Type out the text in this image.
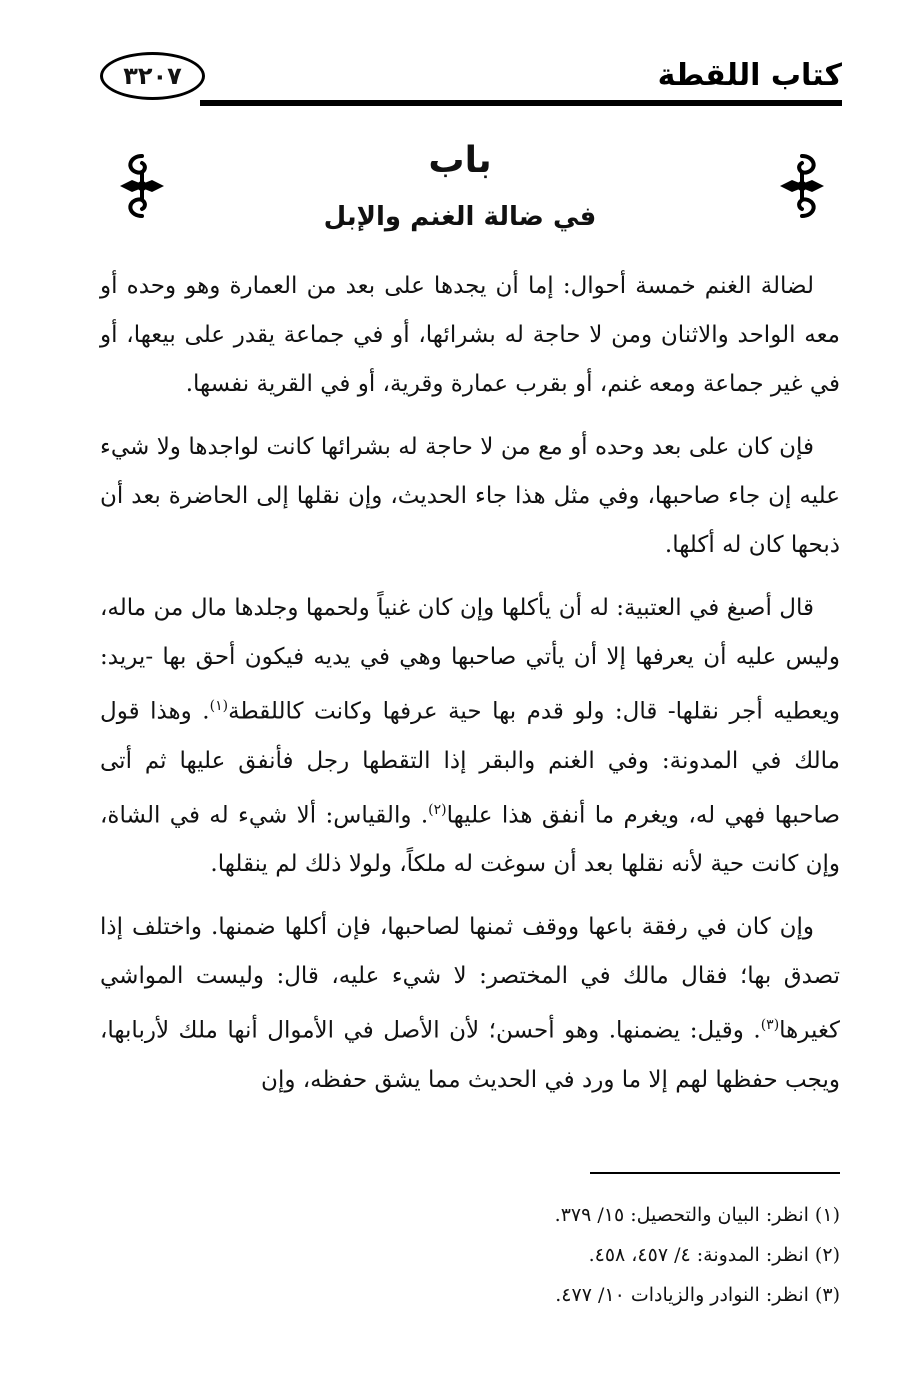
كتاب اللقطة
٣٢٠٧
باب
في ضالة الغنم والإبل

لضالة الغنم خمسة أحوال: إما أن يجدها على بعد من العمارة وهو وحده أو معه الواحد والاثنان ومن لا حاجة له بشرائها، أو في جماعة يقدر على بيعها، أو في غير جماعة ومعه غنم، أو بقرب عمارة وقرية، أو في القرية نفسها.

فإن كان على بعد وحده أو مع من لا حاجة له بشرائها كانت لواجدها ولا شيء عليه إن جاء صاحبها، وفي مثل هذا جاء الحديث، وإن نقلها إلى الحاضرة بعد أن ذبحها كان له أكلها.

قال أصبغ في العتبية: له أن يأكلها وإن كان غنياً ولحمها وجلدها مال من ماله، وليس عليه أن يعرفها إلا أن يأتي صاحبها وهي في يديه فيكون أحق بها -يريد: ويعطيه أجر نقلها- قال: ولو قدم بها حية عرفها وكانت كاللقطة$^{(١)}$. وهذا قول مالك في المدونة: وفي الغنم والبقر إذا التقطها رجل فأنفق عليها ثم أتى صاحبها فهي له، ويغرم ما أنفق هذا عليها$^{(٢)}$. والقياس: ألا شيء له في الشاة، وإن كانت حية لأنه نقلها بعد أن سوغت له ملكاً، ولولا ذلك لم ينقلها.

وإن كان في رفقة باعها ووقف ثمنها لصاحبها، فإن أكلها ضمنها. واختلف إذا تصدق بها؛ فقال مالك في المختصر: لا شيء عليه، قال: وليست المواشي كغيرها$^{(٣)}$. وقيل: يضمنها. وهو أحسن؛ لأن الأصل في الأموال أنها ملك لأربابها، ويجب حفظها لهم إلا ما ورد في الحديث مما يشق حفظه، وإن

(١) انظر: البيان والتحصيل: ١٥/ ٣٧٩.
(٢) انظر: المدونة: ٤/ ٤٥٧، ٤٥٨.
(٣) انظر: النوادر والزيادات ١٠/ ٤٧٧.
